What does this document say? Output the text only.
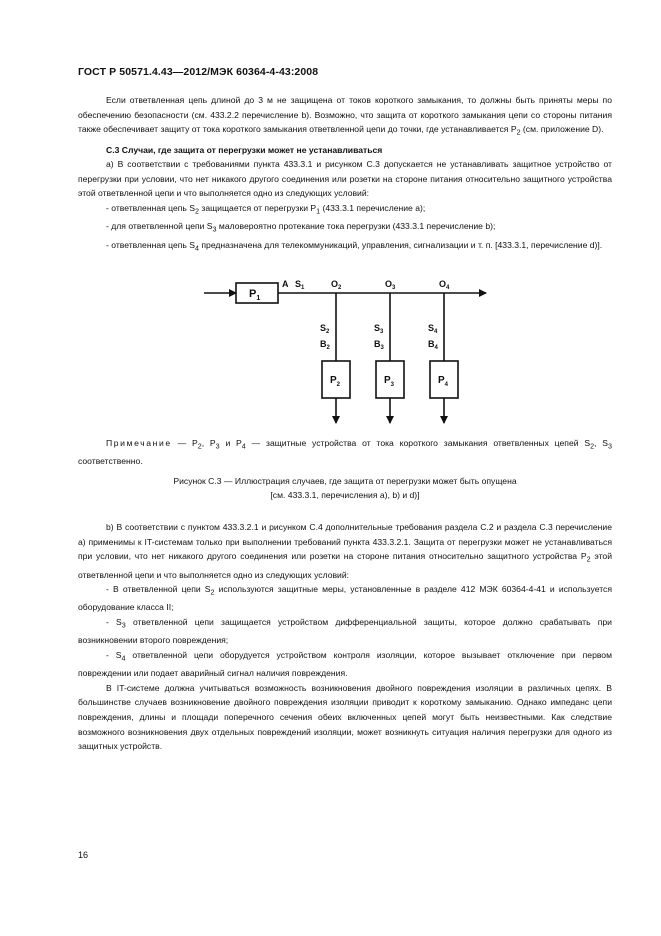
ГОСТ Р 50571.4.43—2012/МЭК 60364-4-43:2008

Если ответвленная цепь длиной до 3 м не защищена от токов короткого замыкания, то должны быть приняты меры по обеспечению безопасности (см. 433.2.2 перечисление b). Возможно, что защита от короткого замыкания цепи со стороны питания также обеспечивает защиту от тока короткого замыкания ответвленной цепи до точки, где устанавливается $P_2$ (см. приложение D).

С.3 Случаи, где защита от перегрузки может не устанавливаться

а) В соответствии с требованиями пункта 433.3.1 и рисунком С.3 допускается не устанавливать защитное устройство от перегрузки при условии, что нет никакого другого соединения или розетки на стороне питания относительно защитного устройства этой ответвленной цепи и что выполняется одно из следующих условий:

- ответвленная цепь $S_2$ защищается от перегрузки $P_1$ (433.3.1 перечисление а);

- для ответвленной цепи $S_3$ маловероятно протекание тока перегрузки (433.3.1 перечисление b);

- ответвленная цепь $S_4$ предназначена для телекоммуникаций, управления, сигнализации и т. п. [433.3.1, перечисление d)].

$P_1$
A $S_1$	$O_2$	$O_3$	$O_4$
$S_2$
$B_2$
$P_2$
$S_3$
$B_3$
$P_3$
$S_4$
$B_4$
$P_4$

Примечание — $P_2$, $P_3$ и $P_4$ — защитные устройства от тока короткого замыкания ответвленных цепей $S_2$, $S_3$ соответственно.

Рисунок С.3 — Иллюстрация случаев, где защита от перегрузки может быть опущена
[см. 433.3.1, перечисления а), b) и d)]

b) В соответствии с пунктом 433.3.2.1 и рисунком С.4 дополнительные требования раздела С.2 и раздела С.3 перечисление а) применимы к IT-системам только при выполнении требований пункта 433.3.2.1. Защита от перегрузки может не устанавливаться при условии, что нет никакого другого соединения или розетки на стороне питания относительно защитного устройства $P_2$ этой ответвленной цепи и что выполняется одно из следующих условий:

- В ответвленной цепи $S_2$ используются защитные меры, установленные в разделе 412 МЭК 60364-4-41 и используется оборудование класса II;

- $S_3$ ответвленной цепи защищается устройством дифференциальной защиты, которое должно срабатывать при возникновении второго повреждения;

- $S_4$ ответвленной цепи оборудуется устройством контроля изоляции, которое вызывает отключение при первом повреждении или подает аварийный сигнал наличия повреждения.

В IT-системе должна учитываться возможность возникновения двойного повреждения изоляции в различных цепях. В большинстве случаев возникновение двойного повреждения изоляции приводит к короткому замыканию. Однако импеданс цепи повреждения, длины и площади поперечного сечения обеих включенных цепей могут быть неизвестными. Как следствие возможного возникновения двух отдельных повреждений изоляции, может возникнуть ситуация наличия перегрузки для одного из защитных устройств.

16
